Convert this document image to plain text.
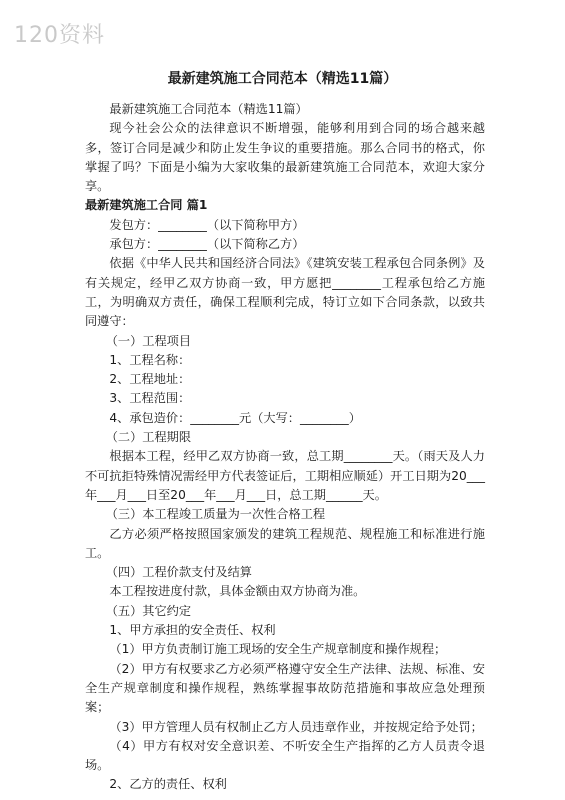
120资料
最新建筑施工合同范本（精选11篇）

最新建筑施工合同范本（精选11篇）

现今社会公众的法律意识不断增强，能够利用到合同的场合越来越多，签订合同是减少和防止发生争议的重要措施。那么合同书的格式，你掌握了吗？下面是小编为大家收集的最新建筑施工合同范本，欢迎大家分享。

最新建筑施工合同 篇1

发包方：________（以下简称甲方）

承包方：________（以下简称乙方）

依据《中华人民共和国经济合同法》《建筑安装工程承包合同条例》及有关规定，经甲乙双方协商一致，甲方愿把________工程承包给乙方施工，为明确双方责任，确保工程顺利完成，特订立如下合同条款，以致共同遵守：

（一）工程项目

1、工程名称：

2、工程地址：

3、工程范围：

4、承包造价：________元（大写：________）

（二）工程期限

根据本工程，经甲乙双方协商一致，总工期________天。（雨天及人力不可抗拒特殊情况需经甲方代表签证后，工期相应顺延）开工日期为20___年___月___日至20___年___月___日，总工期______天。

（三）本工程竣工质量为一次性合格工程

乙方必须严格按照国家颁发的建筑工程规范、规程施工和标准进行施工。

（四）工程价款支付及结算

本工程按进度付款，具体金额由双方协商为准。

（五）其它约定

1、甲方承担的安全责任、权利

（1）甲方负责制订施工现场的安全生产规章制度和操作规程；

（2）甲方有权要求乙方必须严格遵守安全生产法律、法规、标准、安全生产规章制度和操作规程，熟练掌握事故防范措施和事故应急处理预案；

（3）甲方管理人员有权制止乙方人员违章作业，并按规定给予处罚；

（4）甲方有权对安全意识差、不听安全生产指挥的乙方人员责令退场。

2、乙方的责任、权利
